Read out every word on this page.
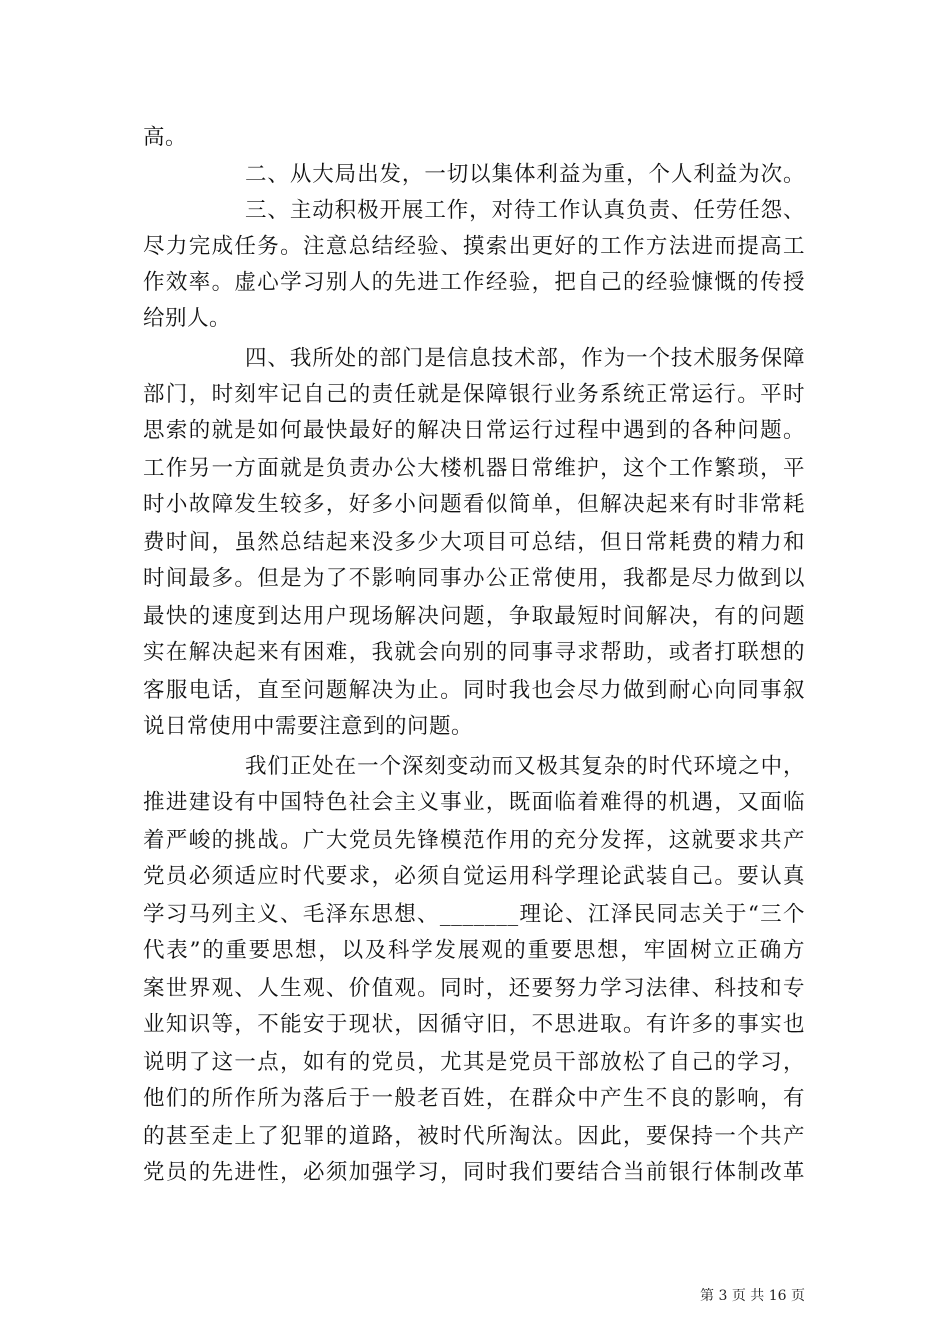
高。
二、从大局出发，一切以集体利益为重，个人利益为次。
三、主动积极开展工作，对待工作认真负责、任劳任怨、
尽力完成任务。注意总结经验、摸索出更好的工作方法进而提高工
作效率。虚心学习别人的先进工作经验，把自己的经验慷慨的传授
给别人。
四、我所处的部门是信息技术部，作为一个技术服务保障
部门，时刻牢记自己的责任就是保障银行业务系统正常运行。平时
思索的就是如何最快最好的解决日常运行过程中遇到的各种问题。
工作另一方面就是负责办公大楼机器日常维护，这个工作繁琐，平
时小故障发生较多，好多小问题看似简单，但解决起来有时非常耗
费时间，虽然总结起来没多少大项目可总结，但日常耗费的精力和
时间最多。但是为了不影响同事办公正常使用，我都是尽力做到以
最快的速度到达用户现场解决问题，争取最短时间解决，有的问题
实在解决起来有困难，我就会向别的同事寻求帮助，或者打联想的
客服电话，直至问题解决为止。同时我也会尽力做到耐心向同事叙
说日常使用中需要注意到的问题。
我们正处在一个深刻变动而又极其复杂的时代环境之中，
推进建设有中国特色社会主义事业，既面临着难得的机遇，又面临
着严峻的挑战。广大党员先锋模范作用的充分发挥，这就要求共产
党员必须适应时代要求，必须自觉运用科学理论武装自己。要认真
学习马列主义、毛泽东思想、_______理论、江泽民同志关于“三个
代表”的重要思想，以及科学发展观的重要思想，牢固树立正确方
案世界观、人生观、价值观。同时，还要努力学习法律、科技和专
业知识等，不能安于现状，因循守旧，不思进取。有许多的事实也
说明了这一点，如有的党员，尤其是党员干部放松了自己的学习，
他们的所作所为落后于一般老百姓，在群众中产生不良的影响，有
的甚至走上了犯罪的道路，被时代所淘汰。因此，要保持一个共产
党员的先进性，必须加强学习，同时我们要结合当前银行体制改革
第 3 页 共 16 页
